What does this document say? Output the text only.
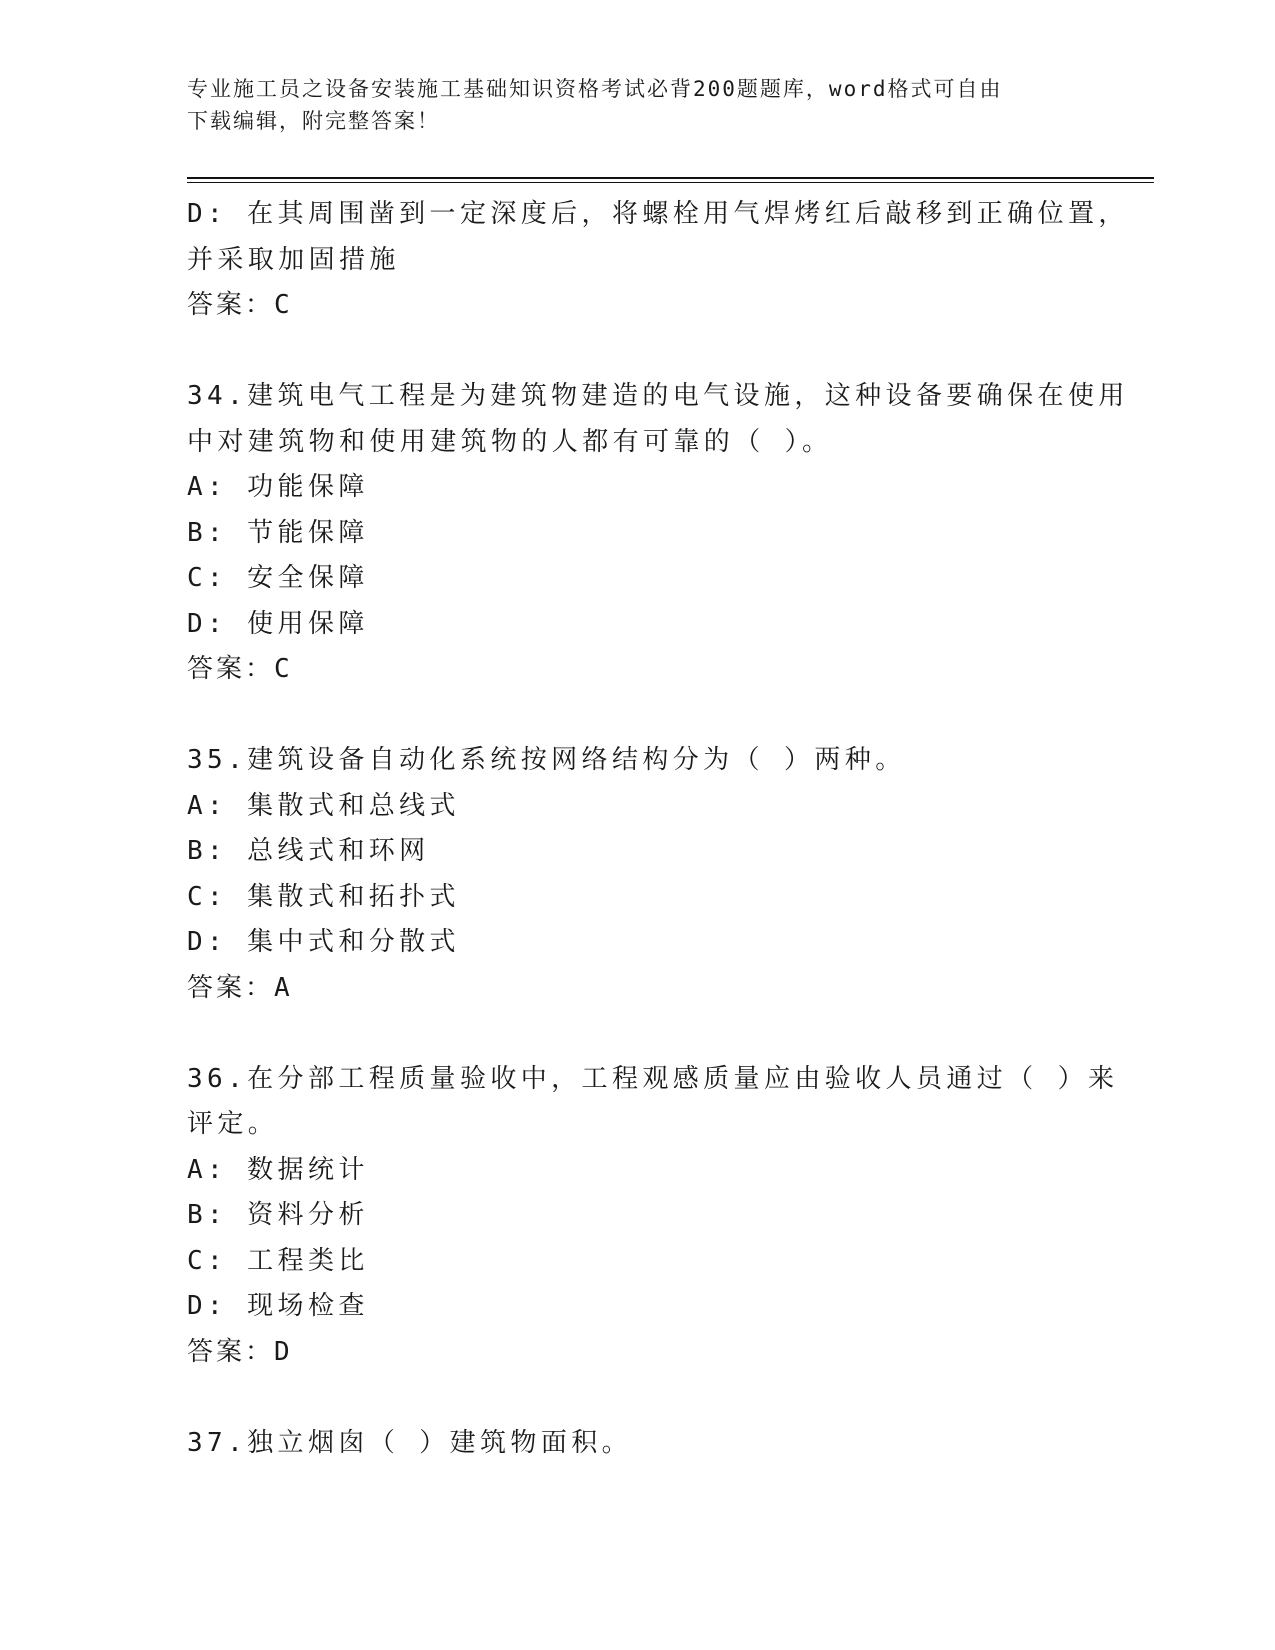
专业施工员之设备安装施工基础知识资格考试必背200题题库，word格式可自由
下载编辑，附完整答案！

D: 在其周围凿到一定深度后，将螺栓用气焊烤红后敲移到正确位置，

并采取加固措施

答案：C

34.建筑电气工程是为建筑物建造的电气设施，这种设备要确保在使用

中对建筑物和使用建筑物的人都有可靠的（ ）。

A: 功能保障

B: 节能保障

C: 安全保障

D: 使用保障

答案：C

35.建筑设备自动化系统按网络结构分为（ ）两种。

A: 集散式和总线式

B: 总线式和环网

C: 集散式和拓扑式

D: 集中式和分散式

答案：A

36.在分部工程质量验收中，工程观感质量应由验收人员通过（ ）来

评定。

A: 数据统计

B: 资料分析

C: 工程类比

D: 现场检查

答案：D

37.独立烟囱（ ）建筑物面积。
